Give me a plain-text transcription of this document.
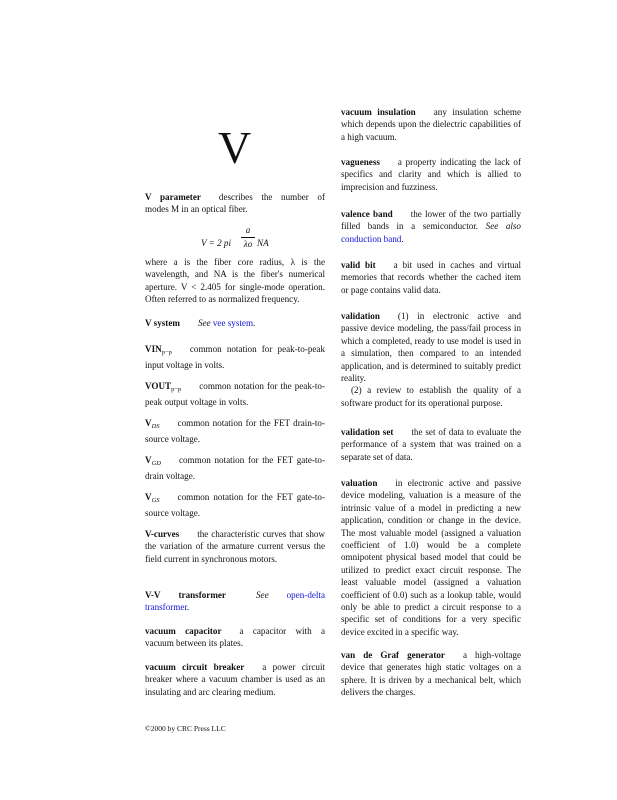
V
V parameter describes the number of modes M in an optical fiber.
V = 2 pi
a
λo NA
where a is the fiber core radius, λ is the wavelength, and NA is the fiber's numerical aperture. V < 2.405 for single-mode operation. Often referred to as normalized frequency.
V system See vee system.
$VIN_{p-p}$ common notation for peak-to-peak input voltage in volts.
$VOUT_{p-p}$ common notation for the peak-to-peak output voltage in volts.
$V_{DS}$ common notation for the FET drain-to-source voltage.
$V_{GD}$ common notation for the FET gate-to-drain voltage.
$V_{GS}$ common notation for the FET gate-to-source voltage.
V-curves the characteristic curves that show the variation of the armature current versus the field current in synchronous motors.
V-V transformer	See open-delta transformer.
vacuum capacitor a capacitor with a vacuum between its plates.
vacuum circuit breaker a power circuit breaker where a vacuum chamber is used as an insulating and arc clearing medium.
vacuum insulation any insulation scheme which depends upon the dielectric capabilities of a high vacuum.
vagueness a property indicating the lack of specifics and clarity and which is allied to imprecision and fuzziness.
valence band the lower of the two partially filled bands in a semiconductor. See also conduction band.
valid bit a bit used in caches and virtual memories that records whether the cached item or page contains valid data.

validation (1) in electronic active and passive device modeling, the pass/fail process in which a completed, ready to use model is used in a simulation, then compared to an intended application, and is determined to suitably predict reality.

(2) a review to establish the quality of a software product for its operational purpose.

validation set the set of data to evaluate the performance of a system that was trained on a separate set of data.
valuation in electronic active and passive device modeling, valuation is a measure of the intrinsic value of a model in predicting a new application, condition or change in the device. The most valuable model (assigned a valuation coefficient of 1.0) would be a complete omnipotent physical based model that could be utilized to predict exact circuit response. The least valuable model (assigned a valuation coefficient of 0.0) such as a lookup table, would only be able to predict a circuit response to a specific set of conditions for a very specific device excited in a specific way.
van de Graf generator a high-voltage device that generates high static voltages on a sphere. It is driven by a mechanical belt, which delivers the charges.
©2000 by CRC Press LLC
